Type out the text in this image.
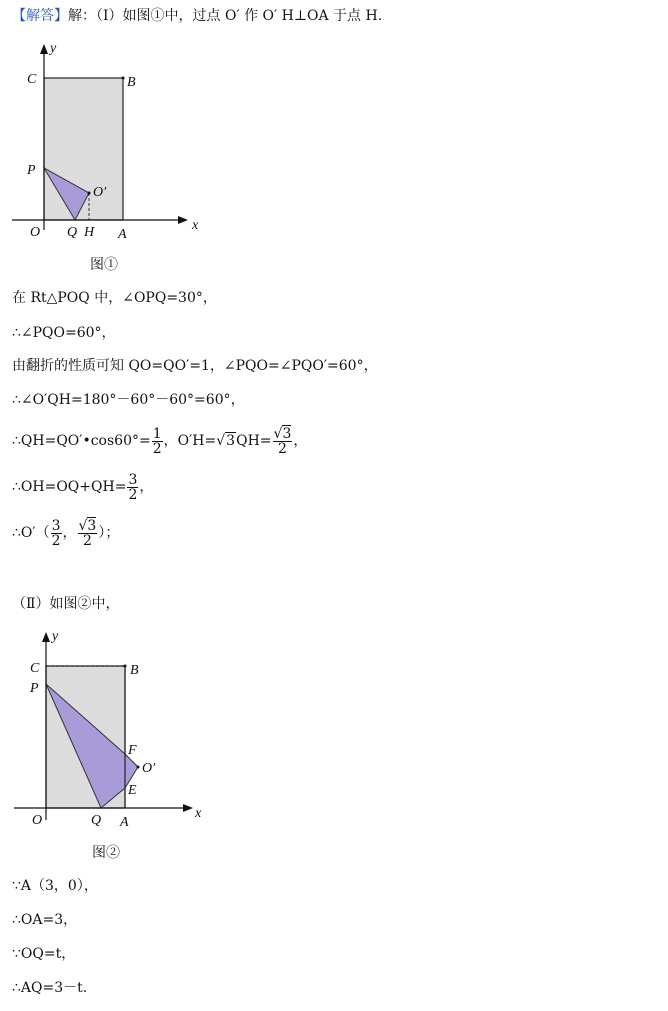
【解答】解：（Ⅰ）如图①中，过点 O′ 作 O′ H⊥OA 于点 H.
y
x
C	B
P
O′
O Q H A
图①
在 Rt△POQ 中，∠OPQ=30°，
∴∠PQO=60°，
由翻折的性质可知 QO=QO′=1，∠PQO=∠PQO′=60°，
∴∠O′QH=180°－60°－60°=60°，
∴QH=QO′•cos60°= $\frac{1}{2}$ ，$O'H=√3QH= \frac{√3}{2}$ ，
∴OH=OQ+QH= $\frac{3}{2}$ ，
∴O′（ $\frac{3}{2}$ ， $\frac{√3}{2}$ ）；
（Ⅱ）如图②中，
y
x
C	B
P
F
O′
E
O	Q A
图②
∵A（3，0），
∴OA=3，
∵OQ=t，
∴AQ=3－t.
